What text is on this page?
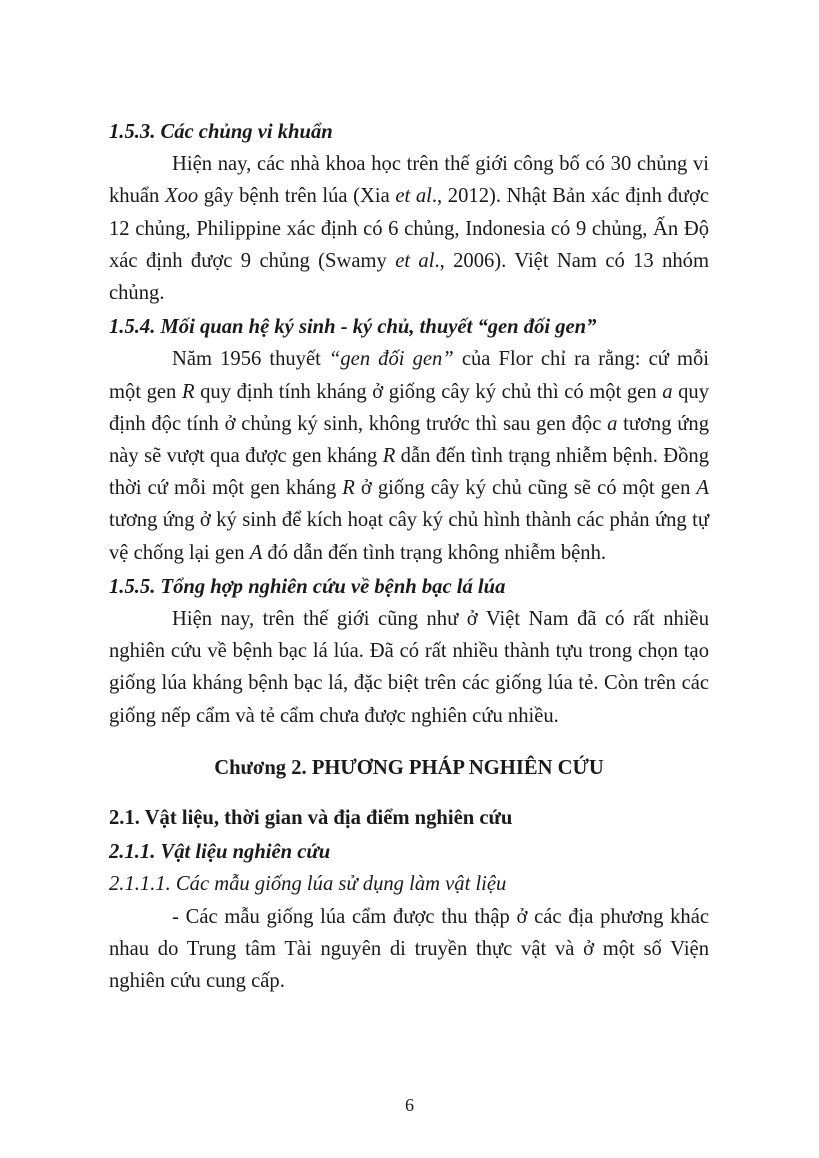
1.5.3. Các chủng vi khuẩn

Hiện nay, các nhà khoa học trên thế giới công bố có 30 chủng vi khuẩn Xoo gây bệnh trên lúa (Xia et al., 2012). Nhật Bản xác định được 12 chủng, Philippine xác định có 6 chủng, Indonesia có 9 chủng, Ấn Độ xác định được 9 chủng (Swamy et al., 2006). Việt Nam có 13 nhóm chủng.

1.5.4. Mối quan hệ ký sinh - ký chủ, thuyết “gen đối gen”

Năm 1956 thuyết “gen đối gen” của Flor chỉ ra rằng: cứ mỗi một gen R quy định tính kháng ở giống cây ký chủ thì có một gen a quy định độc tính ở chủng ký sinh, không trước thì sau gen độc a tương ứng này sẽ vượt qua được gen kháng R dẫn đến tình trạng nhiễm bệnh. Đồng thời cứ mỗi một gen kháng R ở giống cây ký chủ cũng sẽ có một gen A tương ứng ở ký sinh để kích hoạt cây ký chủ hình thành các phản ứng tự vệ chống lại gen A đó dẫn đến tình trạng không nhiễm bệnh.

1.5.5. Tổng hợp nghiên cứu về bệnh bạc lá lúa

Hiện nay, trên thế giới cũng như ở Việt Nam đã có rất nhiều nghiên cứu về bệnh bạc lá lúa. Đã có rất nhiều thành tựu trong chọn tạo giống lúa kháng bệnh bạc lá, đặc biệt trên các giống lúa tẻ. Còn trên các giống nếp cẩm và tẻ cẩm chưa được nghiên cứu nhiều.

Chương 2. PHƯƠNG PHÁP NGHIÊN CỨU

2.1. Vật liệu, thời gian và địa điểm nghiên cứu

2.1.1. Vật liệu nghiên cứu

2.1.1.1. Các mẫu giống lúa sử dụng làm vật liệu

- Các mẫu giống lúa cẩm được thu thập ở các địa phương khác nhau do Trung tâm Tài nguyên di truyền thực vật và ở một số Viện nghiên cứu cung cấp.

6
